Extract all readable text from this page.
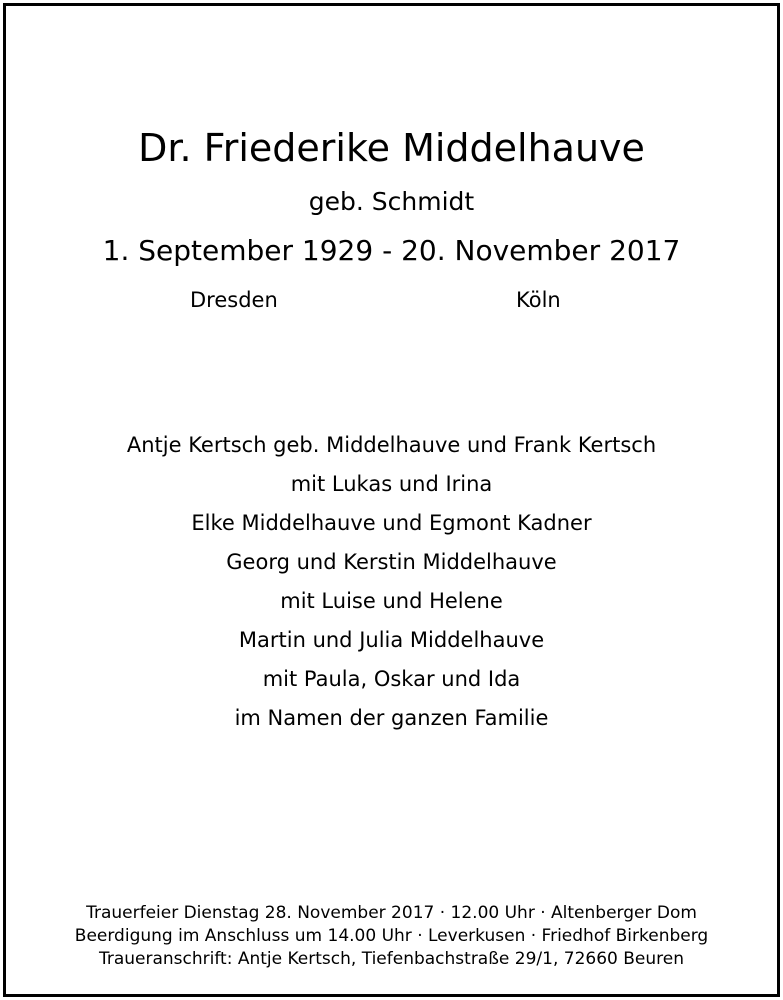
Dr. Friederike Middelhauve
geb. Schmidt
1. September 1929 - 20. November 2017
Dresden	Köln
Antje Kertsch geb. Middelhauve und Frank Kertsch
mit Lukas und Irina
Elke Middelhauve und Egmont Kadner
Georg und Kerstin Middelhauve
mit Luise und Helene
Martin und Julia Middelhauve
mit Paula, Oskar und Ida
im Namen der ganzen Familie
Trauerfeier Dienstag 28. November 2017 · 12.00 Uhr · Altenberger Dom
Beerdigung im Anschluss um 14.00 Uhr · Leverkusen · Friedhof Birkenberg
Traueranschrift: Antje Kertsch, Tiefenbachstraße 29/1, 72660 Beuren
